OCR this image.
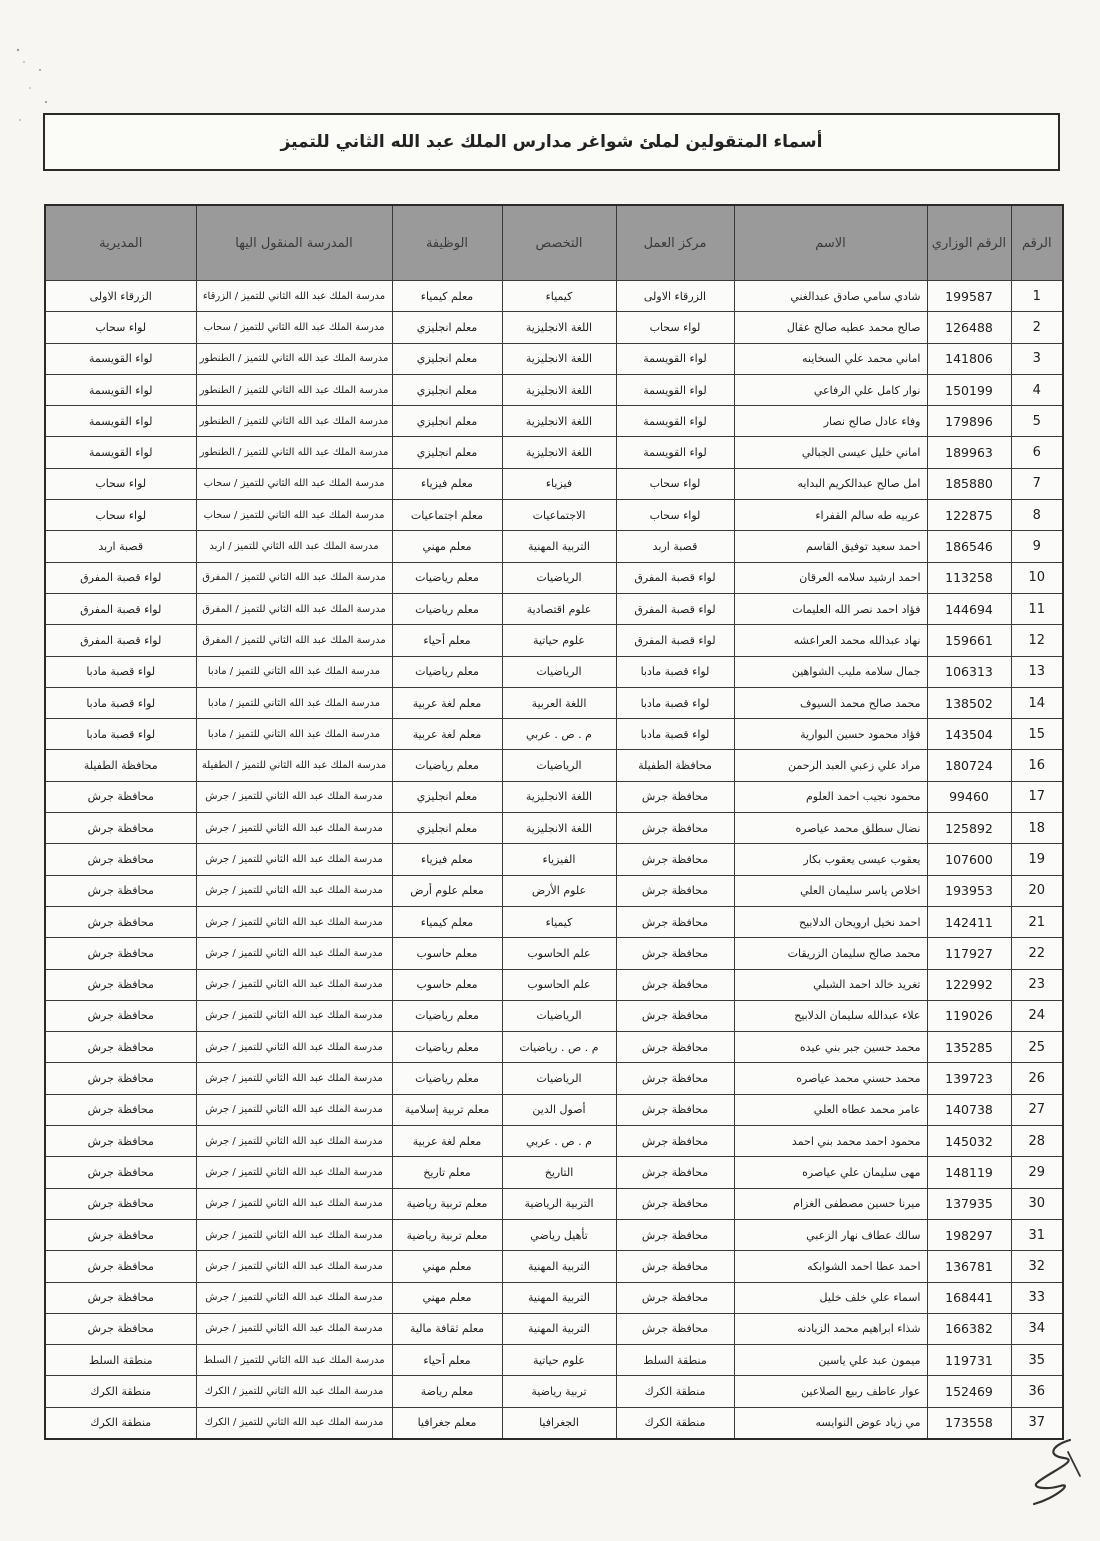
أسماء المتقولين لملئ شواغر مدارس الملك عبد الله الثاني للتميز
الرقم	الرقم الوزاري	الاسم	مركز العمل	التخصص	الوظيفة	المدرسة المنقول اليها	المديرية
1	199587	شادي سامي صادق عبدالغني	الزرقاء الاولى	كيمياء	معلم كيمياء	مدرسة الملك عبد الله الثاني للتميز / الزرقاء	الزرقاء الاولى
2	126488	صالح محمد عطيه صالح عقال	لواء سحاب	اللغة الانجليزية	معلم انجليزي	مدرسة الملك عبد الله الثاني للتميز / سحاب	لواء سحاب
3	141806	اماني محمد علي السخاينه	لواء القويسمة	اللغة الانجليزية	معلم انجليزي	مدرسة الملك عبد الله الثاني للتميز / الطنطور	لواء القويسمة
4	150199	نوار كامل علي الرفاعي	لواء القويسمة	اللغة الانجليزية	معلم انجليزي	مدرسة الملك عبد الله الثاني للتميز / الطنطور	لواء القويسمة
5	179896	وفاء عادل صالح نصار	لواء القويسمة	اللغة الانجليزية	معلم انجليزي	مدرسة الملك عبد الله الثاني للتميز / الطنطور	لواء القويسمة
6	189963	اماني خليل عيسى الجبالي	لواء القويسمة	اللغة الانجليزية	معلم انجليزي	مدرسة الملك عبد الله الثاني للتميز / الطنطور	لواء القويسمة
7	185880	امل صالح عبدالكريم البدايه	لواء سحاب	فيزياء	معلم فيزياء	مدرسة الملك عبد الله الثاني للتميز / سحاب	لواء سحاب
8	122875	عربيه طه سالم القفراء	لواء سحاب	الاجتماعيات	معلم اجتماعيات	مدرسة الملك عبد الله الثاني للتميز / سحاب	لواء سحاب
9	186546	احمد سعيد توفيق القاسم	قصبة اربد	التربية المهنية	معلم مهني	مدرسة الملك عبد الله الثاني للتميز / اربد	قصبة اربد
10	113258	احمد ارشيد سلامه العرقان	لواء قصبة المفرق	الرياضيات	معلم رياضيات	مدرسة الملك عبد الله الثاني للتميز / المفرق	لواء قصبة المفرق
11	144694	فؤاد احمد نصر الله العليمات	لواء قصبة المفرق	علوم اقتصادية	معلم رياضيات	مدرسة الملك عبد الله الثاني للتميز / المفرق	لواء قصبة المفرق
12	159661	نهاد عبدالله محمد العراعشه	لواء قصبة المفرق	علوم حياتية	معلم أحياء	مدرسة الملك عبد الله الثاني للتميز / المفرق	لواء قصبة المفرق
13	106313	جمال سلامه مليب الشواهين	لواء قصبة مادبا	الرياضيات	معلم رياضيات	مدرسة الملك عبد الله الثاني للتميز / مادبا	لواء قصبة مادبا
14	138502	محمد صالح محمد السيوف	لواء قصبة مادبا	اللغة العربية	معلم لغة عربية	مدرسة الملك عبد الله الثاني للتميز / مادبا	لواء قصبة مادبا
15	143504	فؤاد محمود حسين البوارية	لواء قصبة مادبا	م . ص . عربي	معلم لغة عربية	مدرسة الملك عبد الله الثاني للتميز / مادبا	لواء قصبة مادبا
16	180724	مراد علي زعبي العبد الرحمن	محافظة الطفيلة	الرياضيات	معلم رياضيات	مدرسة الملك عبد الله الثاني للتميز / الطفيلة	محافظة الطفيلة
17	99460	محمود نجيب احمد العلوم	محافظة جرش	اللغة الانجليزية	معلم انجليزي	مدرسة الملك عبد الله الثاني للتميز / جرش	محافظة جرش
18	125892	نضال سطلق محمد عياصره	محافظة جرش	اللغة الانجليزية	معلم انجليزي	مدرسة الملك عبد الله الثاني للتميز / جرش	محافظة جرش
19	107600	يعقوب عيسى يعقوب بكار	محافظة جرش	الفيزياء	معلم فيزياء	مدرسة الملك عبد الله الثاني للتميز / جرش	محافظة جرش
20	193953	اخلاص ياسر سليمان العلي	محافظة جرش	علوم الأرض	معلم علوم أرض	مدرسة الملك عبد الله الثاني للتميز / جرش	محافظة جرش
21	142411	احمد نخيل ارويحان الدلابيح	محافظة جرش	كيمياء	معلم كيمياء	مدرسة الملك عبد الله الثاني للتميز / جرش	محافظة جرش
22	117927	محمد صالح سليمان الزريقات	محافظة جرش	علم الحاسوب	معلم حاسوب	مدرسة الملك عبد الله الثاني للتميز / جرش	محافظة جرش
23	122992	تغريد خالد احمد الشبلي	محافظة جرش	علم الحاسوب	معلم حاسوب	مدرسة الملك عبد الله الثاني للتميز / جرش	محافظة جرش
24	119026	علاء عبدالله سليمان الدلابيح	محافظة جرش	الرياضيات	معلم رياضيات	مدرسة الملك عبد الله الثاني للتميز / جرش	محافظة جرش
25	135285	محمد حسين جبر بني عيده	محافظة جرش	م . ص . رياضيات	معلم رياضيات	مدرسة الملك عبد الله الثاني للتميز / جرش	محافظة جرش
26	139723	محمد حسني محمد عياصره	محافظة جرش	الرياضيات	معلم رياضيات	مدرسة الملك عبد الله الثاني للتميز / جرش	محافظة جرش
27	140738	عامر محمد عطاه العلي	محافظة جرش	أصول الدين	معلم تربية إسلامية	مدرسة الملك عبد الله الثاني للتميز / جرش	محافظة جرش
28	145032	محمود احمد محمد بني احمد	محافظة جرش	م . ص . عربي	معلم لغة عربية	مدرسة الملك عبد الله الثاني للتميز / جرش	محافظة جرش
29	148119	مهى سليمان علي عياصره	محافظة جرش	التاريخ	معلم تاريخ	مدرسة الملك عبد الله الثاني للتميز / جرش	محافظة جرش
30	137935	ميرنا حسين مصطفى الغزام	محافظة جرش	التربية الرياضية	معلم تربية رياضية	مدرسة الملك عبد الله الثاني للتميز / جرش	محافظة جرش
31	198297	سالك عطاف نهار الزعبي	محافظة جرش	تأهيل رياضي	معلم تربية رياضية	مدرسة الملك عبد الله الثاني للتميز / جرش	محافظة جرش
32	136781	احمد عطا احمد الشوابكه	محافظة جرش	التربية المهنية	معلم مهني	مدرسة الملك عبد الله الثاني للتميز / جرش	محافظة جرش
33	168441	اسماء علي خلف خليل	محافظة جرش	التربية المهنية	معلم مهني	مدرسة الملك عبد الله الثاني للتميز / جرش	محافظة جرش
34	166382	شذاء ابراهيم محمد الزيادنه	محافظة جرش	التربية المهنية	معلم ثقافة مالية	مدرسة الملك عبد الله الثاني للتميز / جرش	محافظة جرش
35	119731	ميمون عبد علي ياسين	منطقة السلط	علوم حياتية	معلم أحياء	مدرسة الملك عبد الله الثاني للتميز / السلط	منطقة السلط
36	152469	عوار عاطف ربيع الصلاعين	منطقة الكرك	تربية رياضية	معلم رياضة	مدرسة الملك عبد الله الثاني للتميز / الكرك	منطقة الكرك
37	173558	مي زياد عوض النوايسه	منطقة الكرك	الجغرافيا	معلم جغرافيا	مدرسة الملك عبد الله الثاني للتميز / الكرك	منطقة الكرك
